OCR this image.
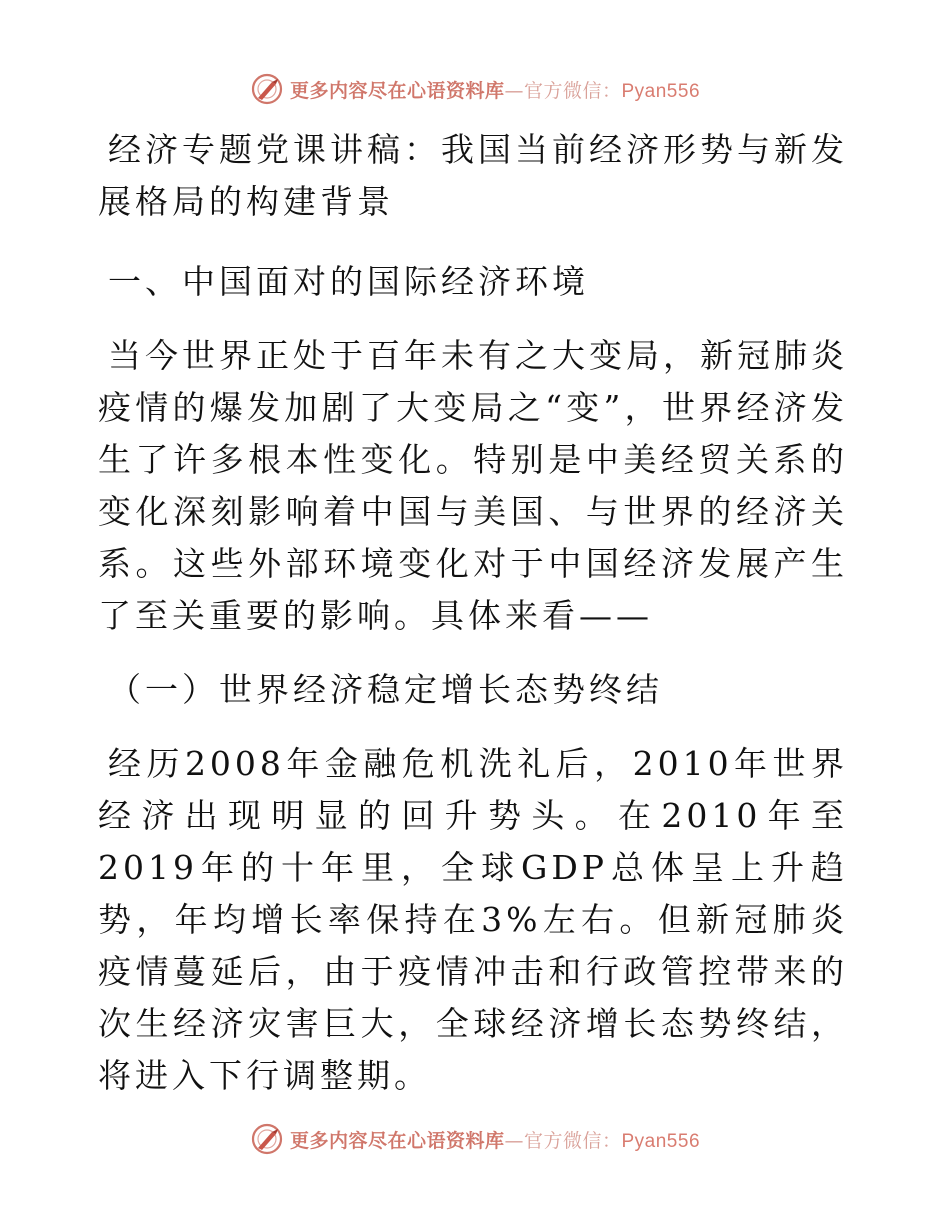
更多内容尽在心语资料库—官方微信：Pyan556

经济专题党课讲稿：我国当前经济形势与新发展格局的构建背景

一、中国面对的国际经济环境

当今世界正处于百年未有之大变局，新冠肺炎疫情的爆发加剧了大变局之“变”，世界经济发生了许多根本性变化。特别是中美经贸关系的变化深刻影响着中国与美国、与世界的经济关系。这些外部环境变化对于中国经济发展产生了至关重要的影响。具体来看——

（一）世界经济稳定增长态势终结

经历2008年金融危机洗礼后，2010年世界经济出现明显的回升势头。在2010年至2019年的十年里，全球GDP总体呈上升趋势，年均增长率保持在3%左右。但新冠肺炎疫情蔓延后，由于疫情冲击和行政管控带来的次生经济灾害巨大，全球经济增长态势终结，将进入下行调整期。

更多内容尽在心语资料库—官方微信：Pyan556
